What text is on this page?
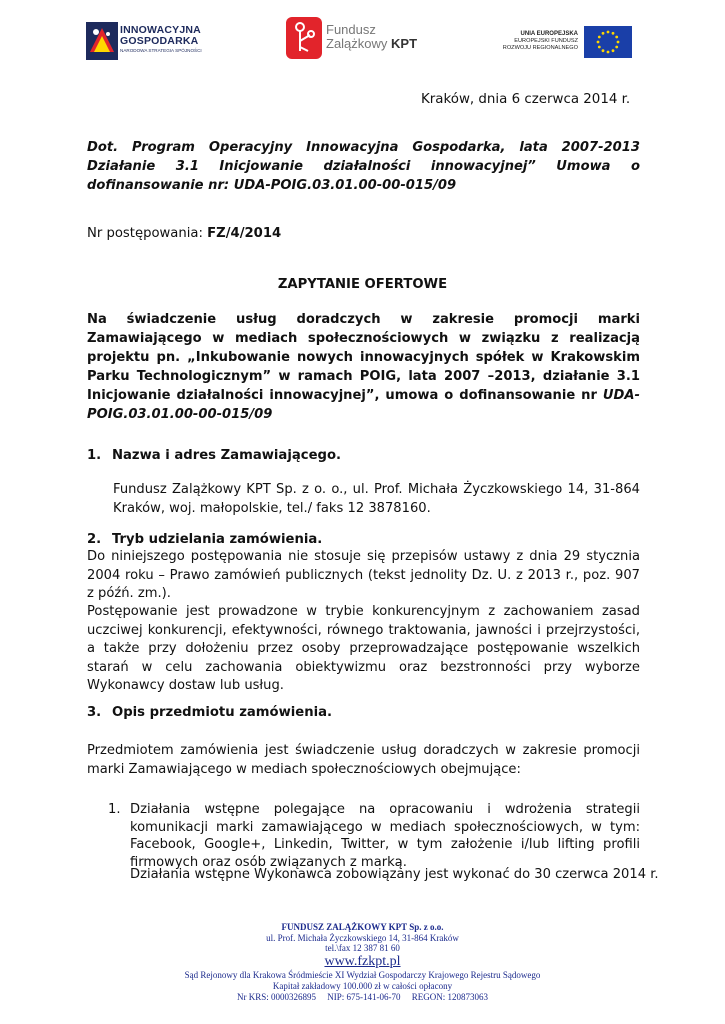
INNOWACYJNA
GOSPODARKA
NARODOWA STRATEGIA SPÓJNOŚCI
Fundusz
Zalążkowy KPT
UNIA EUROPEJSKA
EUROPEJSKI FUNDUSZ
ROZWOJU REGIONALNEGO
Kraków, dnia 6 czerwca 2014 r.
Dot. Program Operacyjny Innowacyjna Gospodarka, lata 2007-2013 Działanie 3.1 Inicjowanie działalności innowacyjnej” Umowa o dofinansowanie nr: UDA-POIG.03.01.00-00-015/09
Nr postępowania: FZ/4/2014
ZAPYTANIE OFERTOWE
Na świadczenie usług doradczych w zakresie promocji marki Zamawiającego w mediach społecznościowych w związku z realizacją projektu pn. „Inkubowanie nowych innowacyjnych spółek w Krakowskim Parku Technologicznym” w ramach POIG, lata 2007 –2013, działanie 3.1 Inicjowanie działalności innowacyjnej”, umowa o dofinansowanie nr UDA-POIG.03.01.00-00-015/09
1. Nazwa i adres Zamawiającego.
Fundusz Zalążkowy KPT Sp. z o. o., ul. Prof. Michała Życzkowskiego 14, 31-864 Kraków, woj. małopolskie, tel./ faks 12 3878160.
2. Tryb udzielania zamówienia.
Do niniejszego postępowania nie stosuje się przepisów ustawy z dnia 29 stycznia 2004 roku – Prawo zamówień publicznych (tekst jednolity Dz. U. z 2013 r., poz. 907 z późń. zm.).
Postępowanie jest prowadzone w trybie konkurencyjnym z zachowaniem zasad uczciwej konkurencji, efektywności, równego traktowania, jawności i przejrzystości, a także przy dołożeniu przez osoby przeprowadzające postępowanie wszelkich starań w celu zachowania obiektywizmu oraz bezstronności przy wyborze Wykonawcy dostaw lub usług.
3. Opis przedmiotu zamówienia.
Przedmiotem zamówienia jest świadczenie usług doradczych w zakresie promocji marki Zamawiającego w mediach społecznościowych obejmujące:
1. Działania wstępne polegające na opracowaniu i wdrożenia strategii komunikacji marki zamawiającego w mediach społecznościowych, w tym: Facebook, Google+, Linkedin, Twitter, w tym założenie i/lub lifting profili firmowych oraz osób związanych z marką.
Działania wstępne Wykonawca zobowiązany jest wykonać do 30 czerwca 2014 r.
FUNDUSZ ZALĄŻKOWY KPT Sp. z o.o.
ul. Prof. Michała Życzkowskiego 14, 31-864 Kraków
tel.\fax 12 387 81 60
www.fzkpt.pl
Sąd Rejonowy dla Krakowa Śródmieście XI Wydział Gospodarczy Krajowego Rejestru Sądowego
Kapitał zakładowy 100.000 zł w całości opłacony
Nr KRS: 0000326895     NIP: 675-141-06-70     REGON: 120873063
